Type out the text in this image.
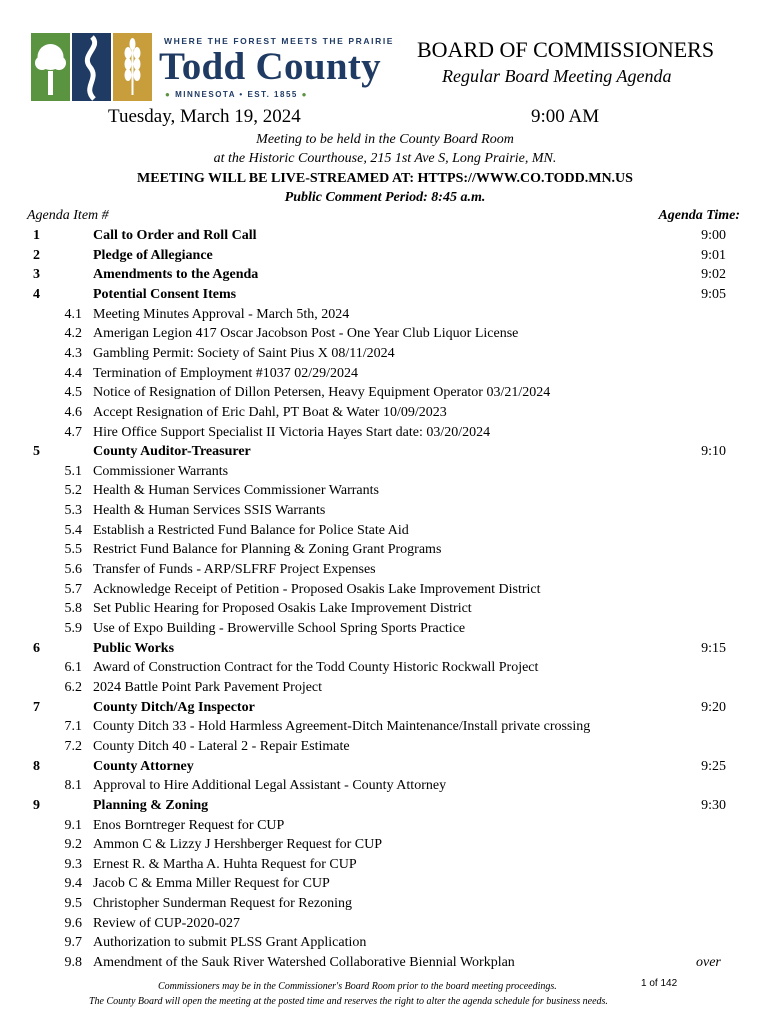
WHERE THE FOREST MEETS THE PRAIRIE
Todd County
● MINNESOTA • EST. 1855 ●
BOARD OF COMMISSIONERS
Regular Board Meeting Agenda
Tuesday, March 19, 2024	9:00 AM
Meeting to be held in the County Board Room
at the Historic Courthouse, 215 1st Ave S, Long Prairie, MN.
MEETING WILL BE LIVE-STREAMED AT: HTTPS://WWW.CO.TODD.MN.US
Public Comment Period: 8:45 a.m.
Agenda Item #	Agenda Time:
1	Call to Order and Roll Call	9:00
2	Pledge of Allegiance	9:01
3	Amendments to the Agenda	9:02
4	Potential Consent Items	9:05
4.1 Meeting Minutes Approval - March 5th, 2024
4.2 Amerigan Legion 417 Oscar Jacobson Post - One Year Club Liquor License
4.3 Gambling Permit: Society of Saint Pius X 08/11/2024
4.4 Termination of Employment #1037 02/29/2024
4.5 Notice of Resignation of Dillon Petersen, Heavy Equipment Operator 03/21/2024
4.6 Accept Resignation of Eric Dahl, PT Boat & Water 10/09/2023
4.7 Hire Office Support Specialist II Victoria Hayes Start date: 03/20/2024
5	County Auditor-Treasurer	9:10
5.1 Commissioner Warrants
5.2 Health & Human Services Commissioner Warrants
5.3 Health & Human Services SSIS Warrants
5.4 Establish a Restricted Fund Balance for Police State Aid
5.5 Restrict Fund Balance for Planning & Zoning Grant Programs
5.6 Transfer of Funds - ARP/SLFRF Project Expenses
5.7 Acknowledge Receipt of Petition - Proposed Osakis Lake Improvement District
5.8 Set Public Hearing for Proposed Osakis Lake Improvement District
5.9 Use of Expo Building - Browerville School Spring Sports Practice
6	Public Works	9:15
6.1 Award of Construction Contract for the Todd County Historic Rockwall Project
6.2 2024 Battle Point Park Pavement Project
7	County Ditch/Ag Inspector	9:20
7.1 County Ditch 33 - Hold Harmless Agreement-Ditch Maintenance/Install private crossing
7.2 County Ditch 40 - Lateral 2 - Repair Estimate
8	County Attorney	9:25
8.1 Approval to Hire Additional Legal Assistant - County Attorney
9	Planning & Zoning	9:30
9.1 Enos Borntreger Request for CUP
9.2 Ammon C & Lizzy J Hershberger Request for CUP
9.3 Ernest R. & Martha A. Huhta Request for CUP
9.4 Jacob C & Emma Miller Request for CUP
9.5 Christopher Sunderman Request for Rezoning
9.6 Review of CUP-2020-027
9.7 Authorization to submit PLSS Grant Application
9.8 Amendment of the Sauk River Watershed Collaborative Biennial Workplan	over
Commissioners may be in the Commissioner's Board Room prior to the board meeting proceedings.	1 of 142
The County Board will open the meeting at the posted time and reserves the right to alter the agenda schedule for business needs.
